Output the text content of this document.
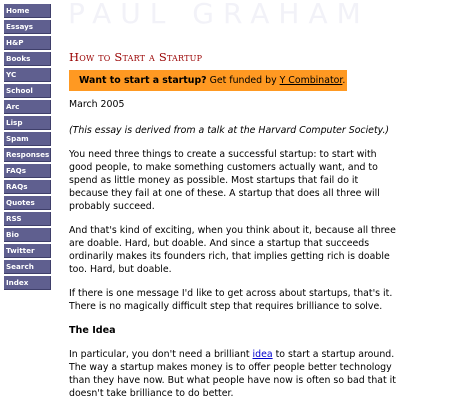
Home
Essays
H&P
Books
YC
School
Arc
Lisp
Spam
Responses
FAQs
RAQs
Quotes
RSS
Bio
Twitter
Search
Index
PAUL GRAHAM
How to Start a Startup
Want to start a startup? Get funded by Y Combinator.

March 2005

(This essay is derived from a talk at the Harvard Computer Society.)

You need three things to create a successful startup: to start with good people, to make something customers actually want, and to spend as little money as possible. Most startups that fail do it because they fail at one of these. A startup that does all three will probably succeed.

And that's kind of exciting, when you think about it, because all three are doable. Hard, but doable. And since a startup that succeeds ordinarily makes its founders rich, that implies getting rich is doable too. Hard, but doable.

If there is one message I'd like to get across about startups, that's it. There is no magically difficult step that requires brilliance to solve.

The Idea

In particular, you don't need a brilliant idea to start a startup around. The way a startup makes money is to offer people better technology than they have now. But what people have now is often so bad that it doesn't take brilliance to do better.
